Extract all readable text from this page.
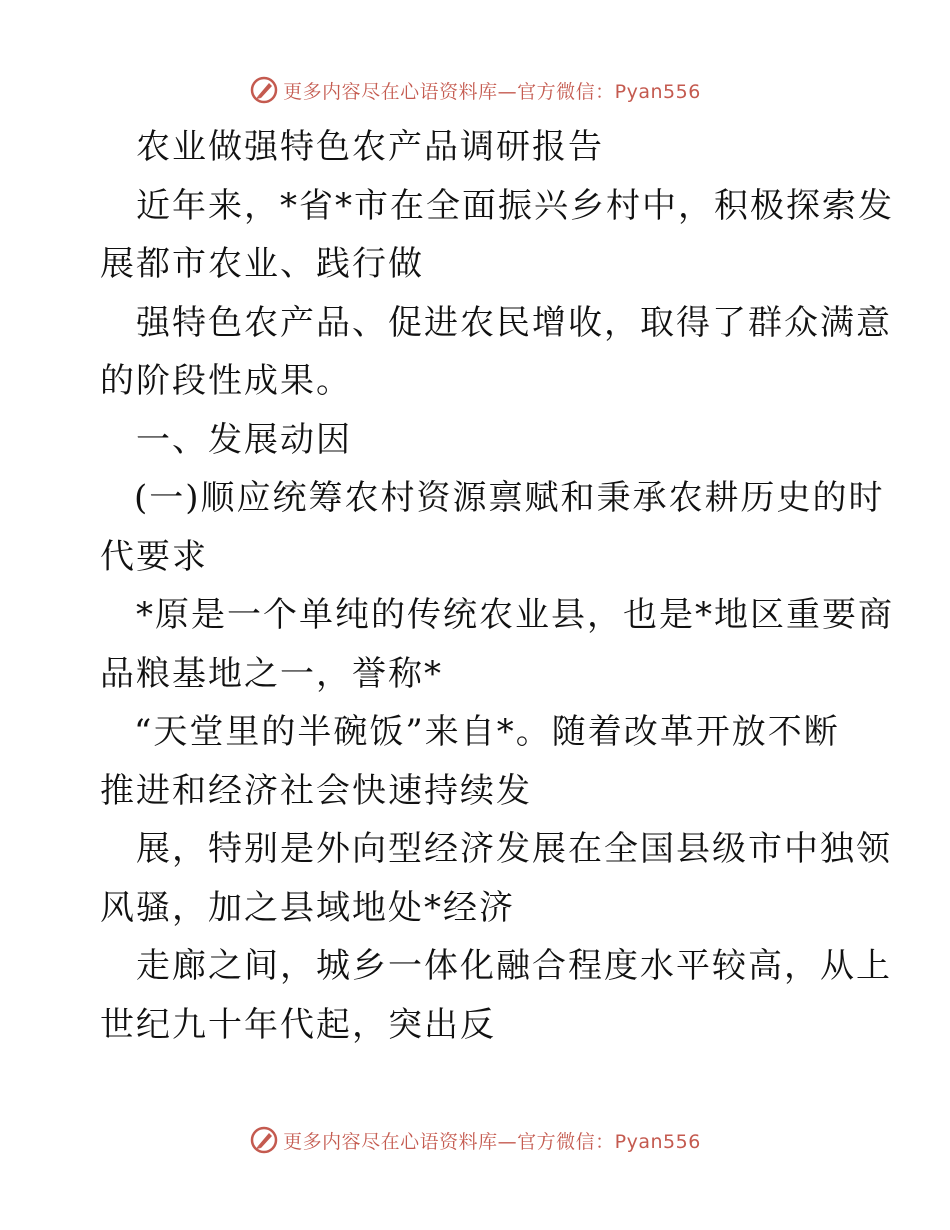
更多内容尽在心语资料库—官方微信：Pyan556
农业做强特色农产品调研报告
近年来，*省*市在全面振兴乡村中，积极探索发
展都市农业、践行做
强特色农产品、促进农民增收，取得了群众满意
的阶段性成果。
一、发展动因
(一)顺应统筹农村资源禀赋和秉承农耕历史的时
代要求
*原是一个单纯的传统农业县，也是*地区重要商
品粮基地之一，誉称*
“天堂里的半碗饭”来自*。随着改革开放不断
推进和经济社会快速持续发
展，特别是外向型经济发展在全国县级市中独领
风骚，加之县域地处*经济
走廊之间，城乡一体化融合程度水平较高，从上
世纪九十年代起，突出反
更多内容尽在心语资料库—官方微信：Pyan556
